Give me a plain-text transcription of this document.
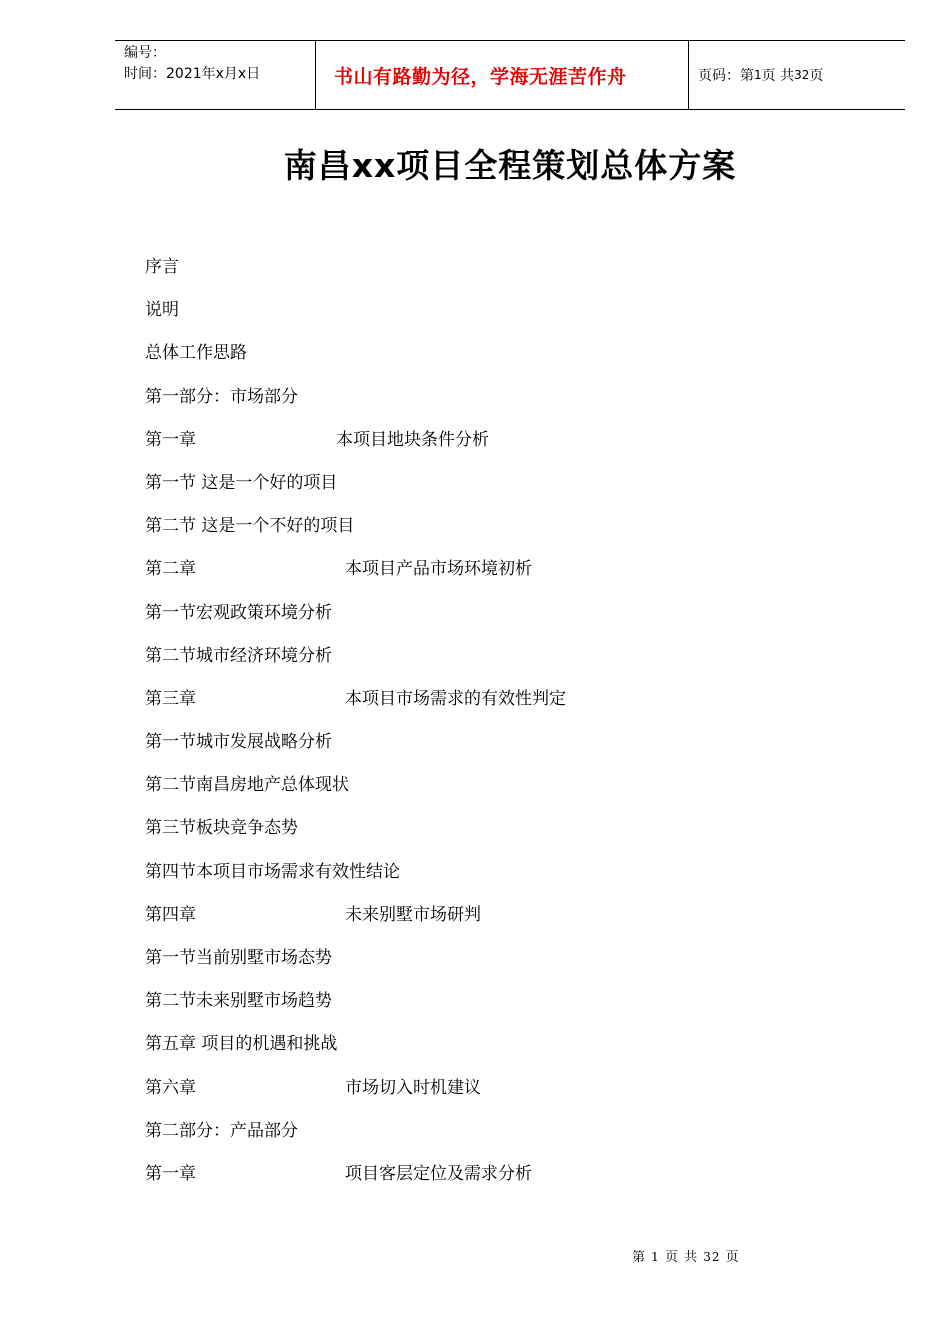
编号：
时间：2021年x月x日	书山有路勤为径，学海无涯苦作舟	页码：第 1 页 共 32 页
南昌xx项目全程策划总体方案
序言
说明
总体工作思路
第一部分：市场部分
第一章	本项目地块条件分析
第一节 这是一个好的项目
第二节 这是一个不好的项目
第二章	本项目产品市场环境初析
第一节宏观政策环境分析
第二节城市经济环境分析
第三章	本项目市场需求的有效性判定
第一节城市发展战略分析
第二节南昌房地产总体现状
第三节板块竞争态势
第四节本项目市场需求有效性结论
第四章	未来别墅市场研判
第一节当前别墅市场态势
第二节未来别墅市场趋势
第五章 项目的机遇和挑战
第六章	市场切入时机建议
第二部分：产品部分
第一章	项目客层定位及需求分析
第 1 页 共 32 页
